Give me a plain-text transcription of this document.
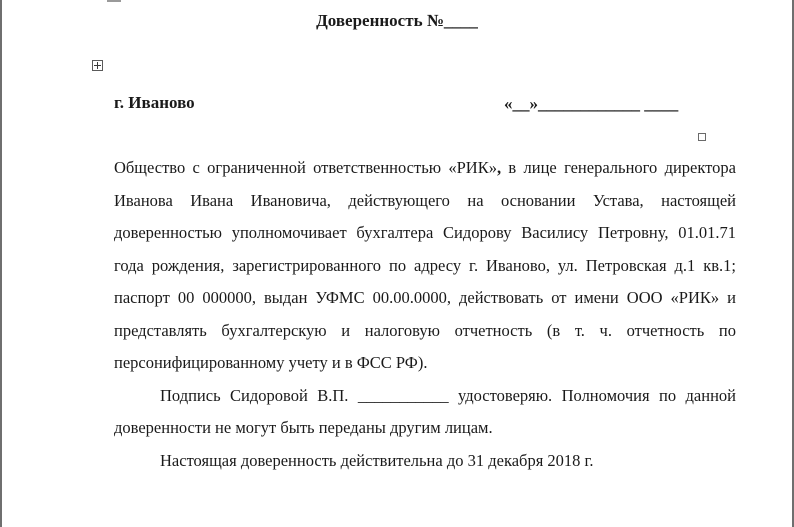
Доверенность №____
г. Иваново	«__»____________ ____

Общество с ограниченной ответственностью «РИК», в лице генерального директора Иванова Ивана Ивановича, действующего на основании Устава, настоящей доверенностью уполномочивает бухгалтера Сидорову Василису Петровну, 01.01.71 года рождения, зарегистрированного по адресу г. Иваново, ул. Петровская д.1 кв.1; паспорт 00 000000, выдан УФМС 00.00.0000, действовать от имени ООО «РИК» и представлять бухгалтерскую и налоговую отчетность (в т. ч. отчетность по персонифицированному учету и в ФСС РФ).

Подпись Сидоровой В.П. ___________ удостоверяю. Полномочия по данной доверенности не могут быть переданы другим лицам.

Настоящая доверенность действительна до 31 декабря 2018 г.
